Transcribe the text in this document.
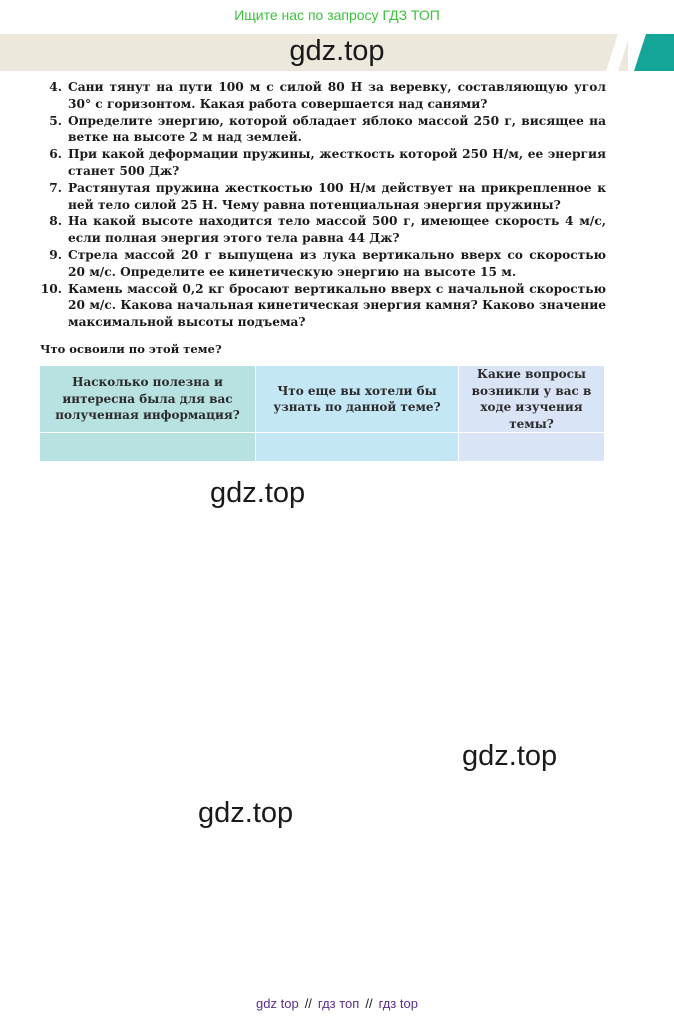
Ищите нас по запросу ГДЗ ТОП
gdz.top
4. Сани тянут на пути 100 м с силой 80 Н за веревку, составляющую угол 30° с горизонтом. Какая работа совершается над санями?
5. Определите энергию, которой обладает яблоко массой 250 г, висящее на ветке на высоте 2 м над землей.
6. При какой деформации пружины, жесткость которой 250 Н/м, ее энергия станет 500 Дж?
7. Растянутая пружина жесткостью 100 Н/м действует на прикрепленное к ней тело силой 25 Н. Чему равна потенциальная энергия пружины?
8. На какой высоте находится тело массой 500 г, имеющее скорость 4 м/с, если полная энергия этого тела равна 44 Дж?
9. Стрела массой 20 г выпущена из лука вертикально вверх со скоростью 20 м/с. Определите ее кинетическую энергию на высоте 15 м.
10. Камень массой 0,2 кг бросают вертикально вверх с начальной скоростью 20 м/с. Какова начальная кинетическая энергия камня? Каково значение максимальной высоты подъема?
Что освоили по этой теме?
Насколько полезна и интересна была для вас полученная информация?	Что еще вы хотели бы узнать по данной теме?	Какие вопросы возникли у вас в ходе изучения темы?

gdz.top
gdz.top
gdz.top
gdz top // гдз топ // гдз top
